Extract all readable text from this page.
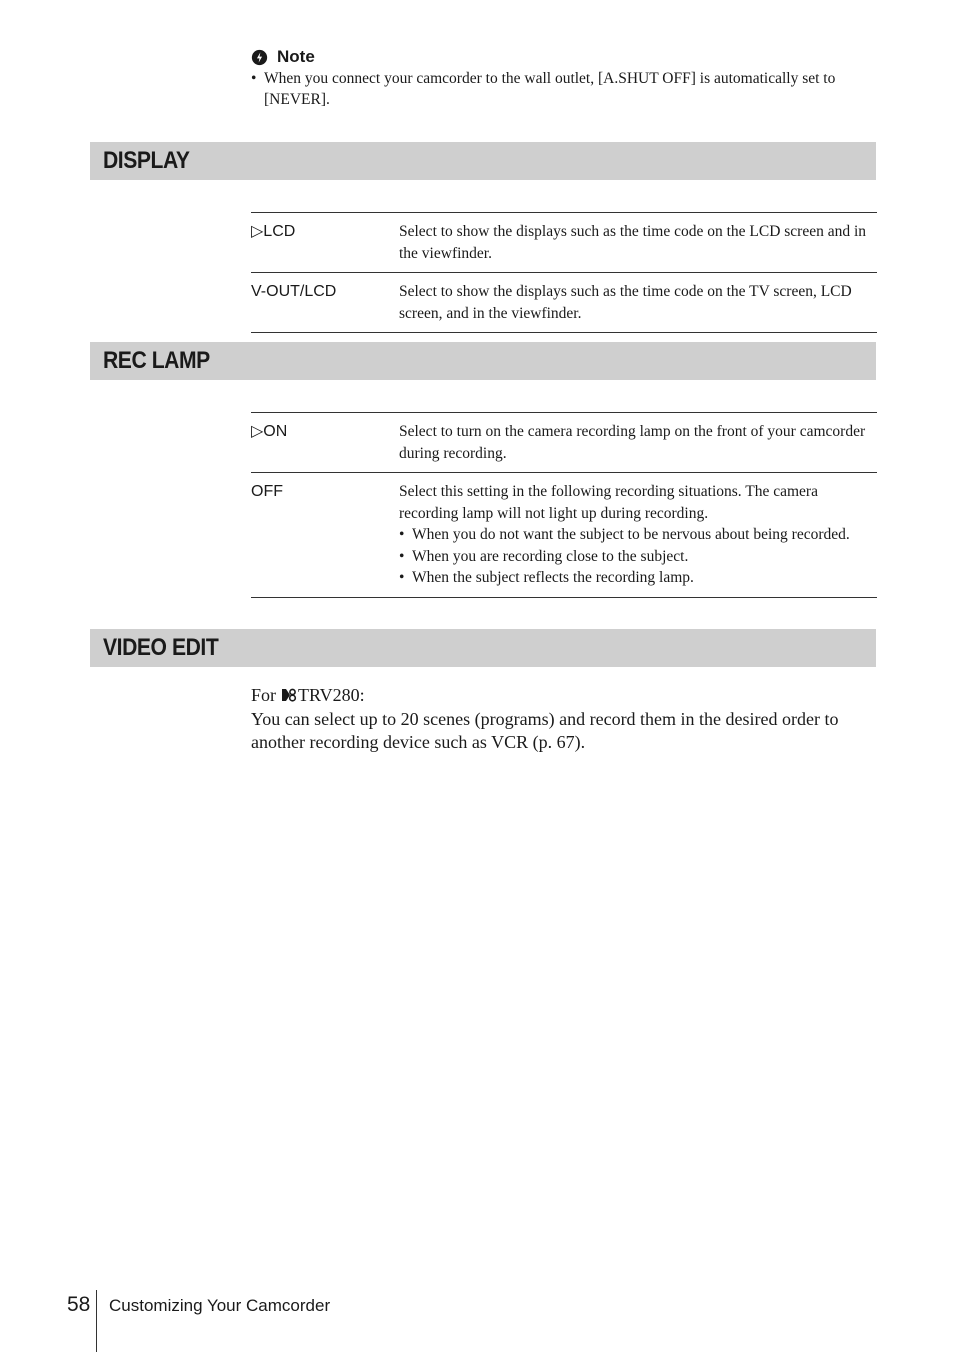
Note
• When you connect your camcorder to the wall outlet, [A.SHUT OFF] is automatically set to [NEVER].
DISPLAY
▷LCD	Select to show the displays such as the time code on the LCD screen and in the viewfinder.
V-OUT/LCD	Select to show the displays such as the time code on the TV screen, LCD screen, and in the viewfinder.
REC LAMP
▷ON	Select to turn on the camera recording lamp on the front of your camcorder during recording.
OFF	Select this setting in the following recording situations. The camera recording lamp will not light up during recording.
• When you do not want the subject to be nervous about being recorded.
• When you are recording close to the subject.
• When the subject reflects the recording lamp.
VIDEO EDIT
For TRV280:
You can select up to 20 scenes (programs) and record them in the desired order to another recording device such as VCR (p. 67).
58 Customizing Your Camcorder
